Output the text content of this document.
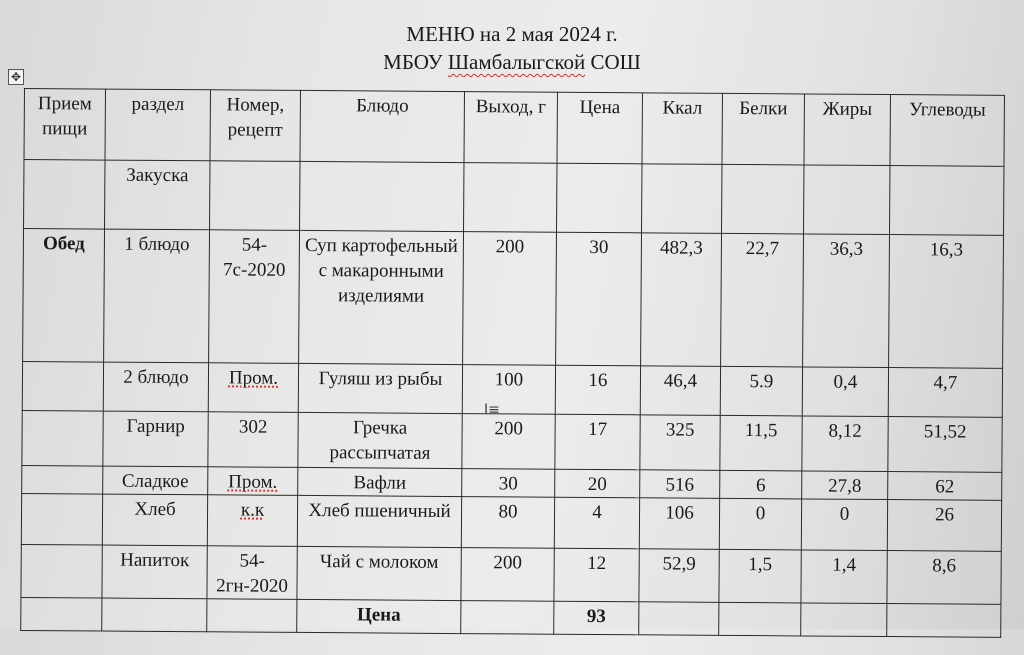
МЕНЮ на 2 мая 2024 г.
МБОУ Шамбалыгской СОШ
✥
Прием пищи	раздел	Номер, рецепт	Блюдо	Выход, г	Цена	Ккал	Белки	Жиры	Углеводы
	Закуска								
Обед	1 блюдо	54-7с-2020	Суп картофельный с макаронными изделиями	200	30	482,3	22,7	36,3	16,3
	2 блюдо	Пром.	Гуляш из рыбы	100	16	46,4	5.9	0,4	4,7
	Гарнир	302	Гречка рассыпчатая	200	17	325	11,5	8,12	51,52
	Сладкое	Пром.	Вафли	30	20	516	6	27,8	62
	Хлеб	к.к	Хлеб пшеничный	80	4	106	0	0	26
	Напиток	54-2гн-2020	Чай с молоком	200	12	52,9	1,5	1,4	8,6
			Цена		93				
I≡
